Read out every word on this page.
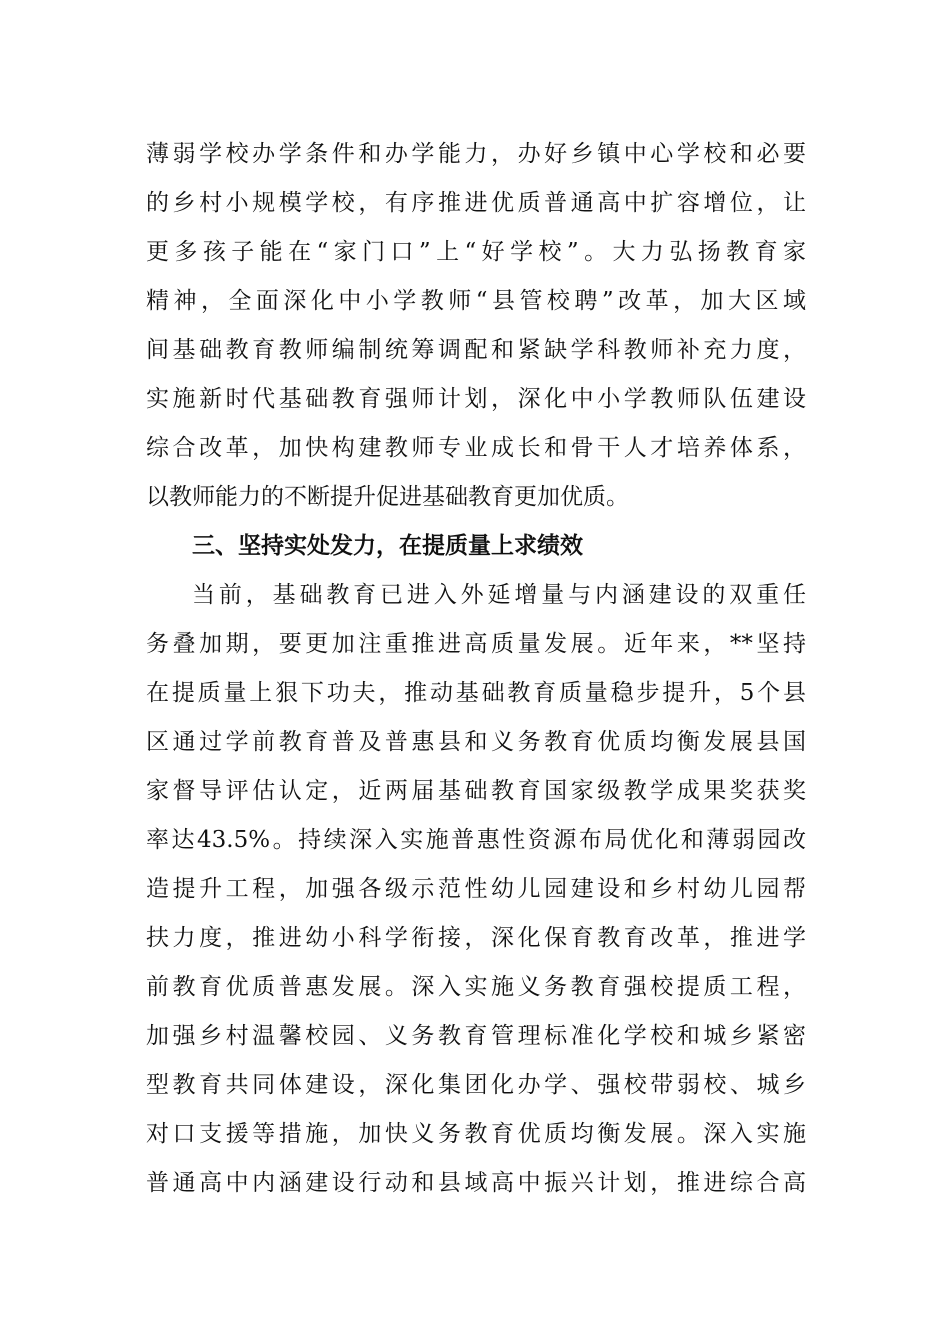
薄弱学校办学条件和办学能力，办好乡镇中心学校和必要
的乡村小规模学校，有序推进优质普通高中扩容增位，让
更多孩子能在“家门口”上“好学校”。大力弘扬教育家
精神，全面深化中小学教师“县管校聘”改革，加大区域
间基础教育教师编制统筹调配和紧缺学科教师补充力度，
实施新时代基础教育强师计划，深化中小学教师队伍建设
综合改革，加快构建教师专业成长和骨干人才培养体系，
以教师能力的不断提升促进基础教育更加优质。
三、坚持实处发力，在提质量上求绩效
当前，基础教育已进入外延增量与内涵建设的双重任
务叠加期，要更加注重推进高质量发展。近年来，**坚持
在提质量上狠下功夫，推动基础教育质量稳步提升，5个县
区通过学前教育普及普惠县和义务教育优质均衡发展县国
家督导评估认定，近两届基础教育国家级教学成果奖获奖
率达43.5%。持续深入实施普惠性资源布局优化和薄弱园改
造提升工程，加强各级示范性幼儿园建设和乡村幼儿园帮
扶力度，推进幼小科学衔接，深化保育教育改革，推进学
前教育优质普惠发展。深入实施义务教育强校提质工程，
加强乡村温馨校园、义务教育管理标准化学校和城乡紧密
型教育共同体建设，深化集团化办学、强校带弱校、城乡
对口支援等措施，加快义务教育优质均衡发展。深入实施
普通高中内涵建设行动和县域高中振兴计划，推进综合高
